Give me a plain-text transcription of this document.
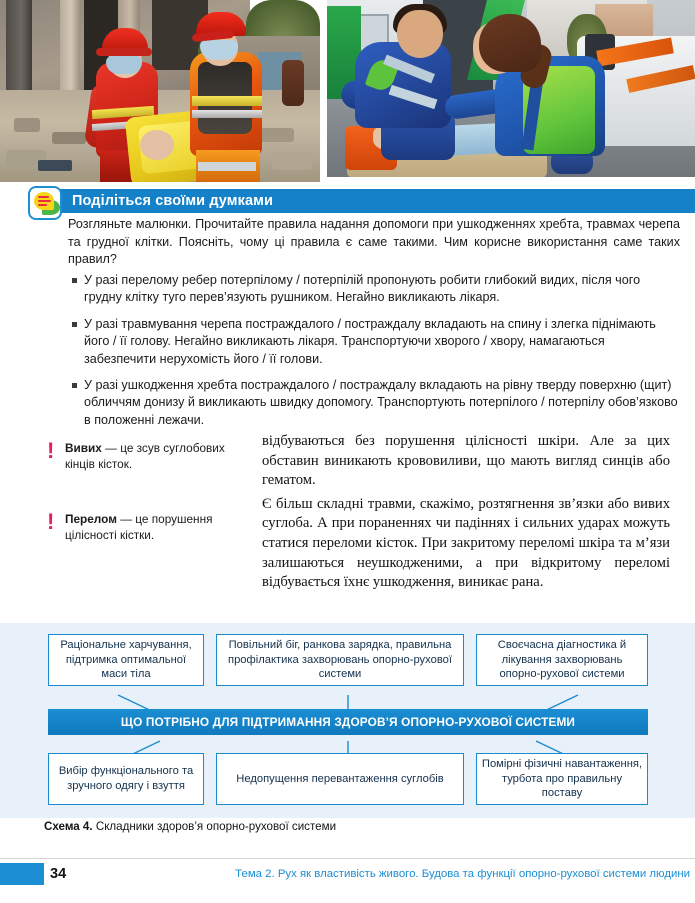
Поділіться своїми думками
Розгляньте малюнки. Прочитайте правила надання допомоги при ушкодженнях хребта, травмах черепа та грудної клітки. Поясніть, чому ці правила є саме такими. Чим корисне використання саме таких правил?
У разі перелому ребер потерпілому / потерпілій пропонують робити глибокий видих, після чого грудну клітку туго перев’язують рушником. Негайно викликають лікаря.
У разі травмування черепа постраждалого / постраждалу вкладають на спину і злегка піднімають його / її голову. Негайно викликають лікаря. Транспортуючи хворого / хвору, намагаються забезпечити нерухомість його / її голови.
У разі ушкодження хребта постраждалого / постраждалу вкладають на рівну тверду поверхню (щит) обличчям донизу й викликають швидку допомогу. Транспортують потерпілого / потерпілу обов’язково в положенні лежачи.
! Вивих — це зсув суглобових кінців кісток.
! Перелом — це порушення цілісності кістки.

відбуваються без порушення цілісності шкіри. Але за цих обставин виникають крововиливи, що мають вигляд синців або гематом.

Є більш складні травми, скажімо, розтягнення зв’язки або вивих суглоба. А при пораненнях чи падіннях і сильних ударах можуть статися переломи кісток. При закритому переломі шкіра та м’язи залишаються неушкодженими, а при відкритому переломі відбувається їхнє ушкодження, виникає рана.

Раціональне харчування, підтримка оптимальної маси тіла
Повільний біг, ранкова зарядка, правильна профілактика захворювань опорно-рухової системи
Своєчасна діагностика й лікування захворювань опорно-рухової системи
ЩО ПОТРІБНО ДЛЯ ПІДТРИМАННЯ ЗДОРОВ’Я ОПОРНО-РУХОВОЇ СИСТЕМИ
Вибір функціонального та зручного одягу і взуття
Недопущення перевантаження суглобів
Помірні фізичні навантаження, турбота про правильну поставу
Схема 4. Складники здоров’я опорно-рухової системи
34	Тема 2. Рух як властивість живого. Будова та функції опорно-рухової системи людини
